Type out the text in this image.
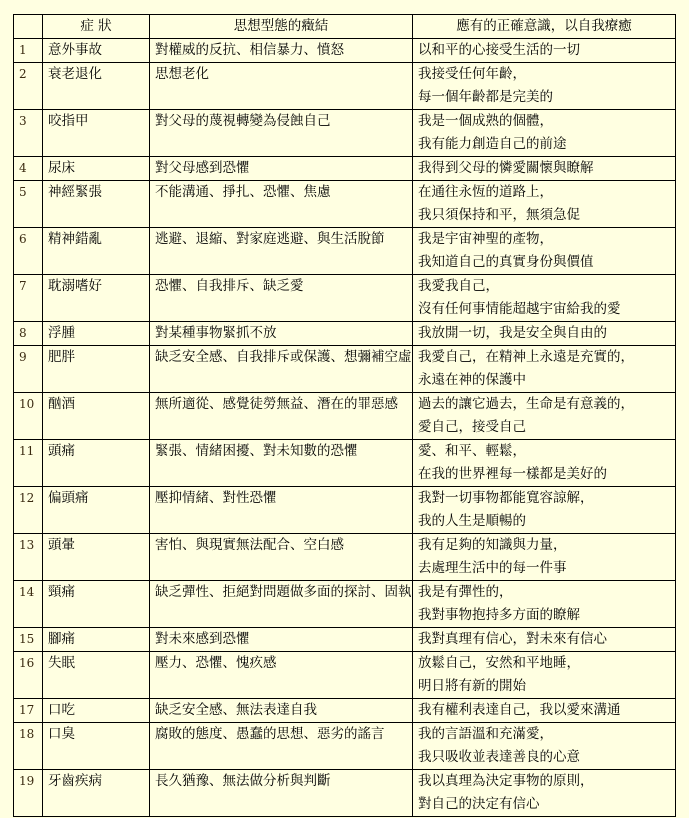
	症 狀	思想型態的癥結	應有的正確意識，以自我療癒
1	意外事故	對權威的反抗、相信暴力、憤怒	以和平的心接受生活的一切

2	衰老退化	思想老化	我接受任何年齡，
每一個年齡都是完美的

3	咬指甲	對父母的蔑視轉變為侵蝕自己	我是一個成熟的個體，
我有能力創造自己的前途

4	尿床	對父母感到恐懼	我得到父母的憐愛關懷與瞭解

5	神經緊張	不能溝通、掙扎、恐懼、焦慮	在通往永恆的道路上，
我只須保持和平，無須急促

6	精神錯亂	逃避、退縮、對家庭逃避、與生活脫節	我是宇宙神聖的產物，
我知道自己的真實身份與價值

7	耽溺嗜好	恐懼、自我排斥、缺乏愛	我愛我自己，
沒有任何事情能超越宇宙給我的愛

8	浮腫	對某種事物緊抓不放	我放開一切，我是安全與自由的

9	肥胖	缺乏安全感、自我排斥或保護、想彌補空虛	我愛自己，在精神上永遠是充實的，
永遠在神的保護中

10	酗酒	無所適從、感覺徒勞無益、潛在的罪惡感	過去的讓它過去，生命是有意義的，
愛自己，接受自己

11	頭痛	緊張、情緒困擾、對未知數的恐懼	愛、和平、輕鬆，
在我的世界裡每一樣都是美好的

12	偏頭痛	壓抑情緒、對性恐懼	我對一切事物都能寬容諒解，
我的人生是順暢的

13	頭暈	害怕、與現實無法配合、空白感	我有足夠的知識與力量，
去處理生活中的每一件事

14	頸痛	缺乏彈性、拒絕對問題做多面的探討、固執	我是有彈性的，
我對事物抱持多方面的瞭解

15	腳痛	對未來感到恐懼	我對真理有信心，對未來有信心

16	失眠	壓力、恐懼、愧疚感	放鬆自己，安然和平地睡，
明日將有新的開始

17	口吃	缺乏安全感、無法表達自我	我有權利表達自己，我以愛來溝通

18	口臭	腐敗的態度、愚蠢的思想、惡劣的謠言	我的言語溫和充滿愛，
我只吸收並表達善良的心意

19	牙齒疾病	長久猶豫、無法做分析與判斷	我以真理為決定事物的原則，
對自己的決定有信心
